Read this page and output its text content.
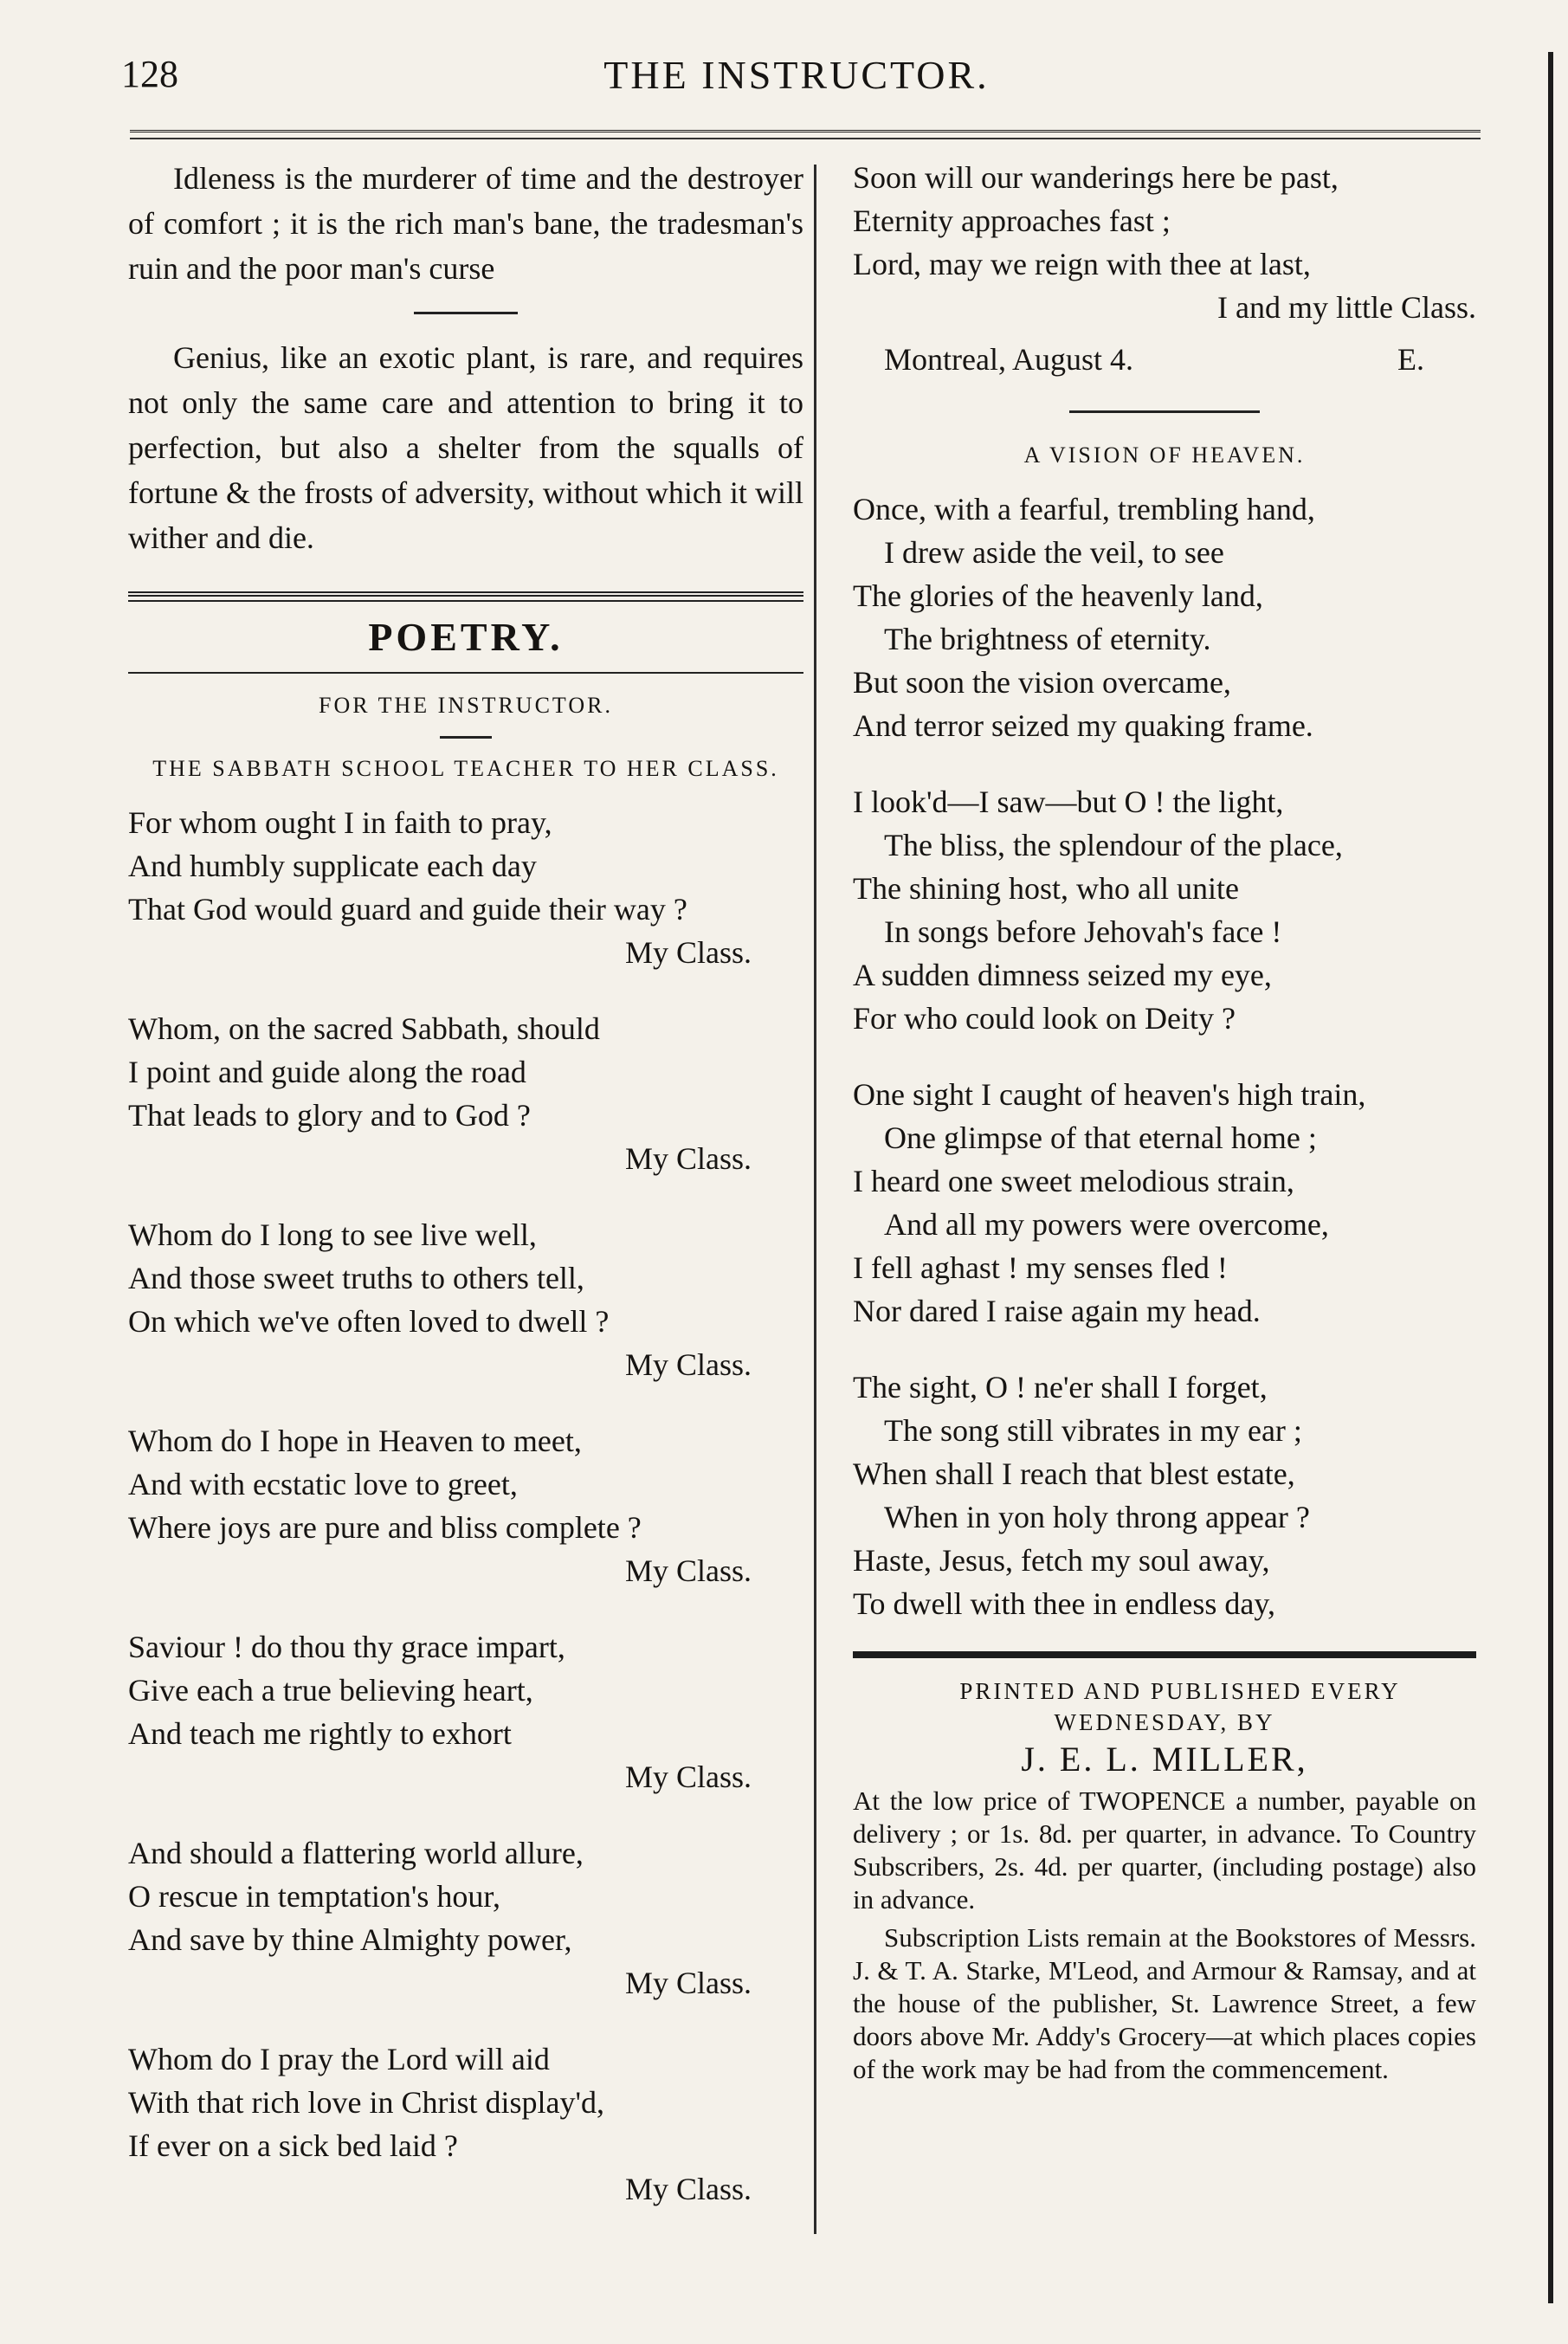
128	THE INSTRUCTOR.

Idleness is the murderer of time and the destroyer of comfort ; it is the rich man's bane, the tradesman's ruin and the poor man's curse

Genius, like an exotic plant, is rare, and requires not only the same care and attention to bring it to perfection, but also a shelter from the squalls of fortune & the frosts of adversity, without which it will wither and die.

POETRY.

FOR THE INSTRUCTOR.

THE SABBATH SCHOOL TEACHER TO HER CLASS.

For whom ought I in faith to pray,
And humbly supplicate each day
That God would guard and guide their way ?
My Class.
Whom, on the sacred Sabbath, should
I point and guide along the road
That leads to glory and to God ?
My Class.
Whom do I long to see live well,
And those sweet truths to others tell,
On which we've often loved to dwell ?
My Class.
Whom do I hope in Heaven to meet,
And with ecstatic love to greet,
Where joys are pure and bliss complete ?
My Class.
Saviour ! do thou thy grace impart,
Give each a true believing heart,
And teach me rightly to exhort
My Class.
And should a flattering world allure,
O rescue in temptation's hour,
And save by thine Almighty power,
My Class.
Whom do I pray the Lord will aid
With that rich love in Christ display'd,
If ever on a sick bed laid ?
My Class.
Soon will our wanderings here be past,
Eternity approaches fast ;
Lord, may we reign with thee at last,
I and my little Class.
Montreal, August 4.	E.

A VISION OF HEAVEN.

Once, with a fearful, trembling hand,
I drew aside the veil, to see
The glories of the heavenly land,
The brightness of eternity.
But soon the vision overcame,
And terror seized my quaking frame.
I look'd—I saw—but O ! the light,
The bliss, the splendour of the place,
The shining host, who all unite
In songs before Jehovah's face !
A sudden dimness seized my eye,
For who could look on Deity ?
One sight I caught of heaven's high train,
One glimpse of that eternal home ;
I heard one sweet melodious strain,
And all my powers were overcome,
I fell aghast ! my senses fled !
Nor dared I raise again my head.
The sight, O ! ne'er shall I forget,
The song still vibrates in my ear ;
When shall I reach that blest estate,
When in yon holy throng appear ?
Haste, Jesus, fetch my soul away,
To dwell with thee in endless day,

PRINTED AND PUBLISHED EVERY WEDNESDAY, BY

J. E. L. MILLER,

At the low price of TWOPENCE a number, payable on delivery ; or 1s. 8d. per quarter, in advance. To Country Subscribers, 2s. 4d. per quarter, (including postage) also in advance.

Subscription Lists remain at the Bookstores of Messrs. J. & T. A. Starke, M'Leod, and Armour & Ramsay, and at the house of the publisher, St. Lawrence Street, a few doors above Mr. Addy's Grocery—at which places copies of the work may be had from the commencement.
